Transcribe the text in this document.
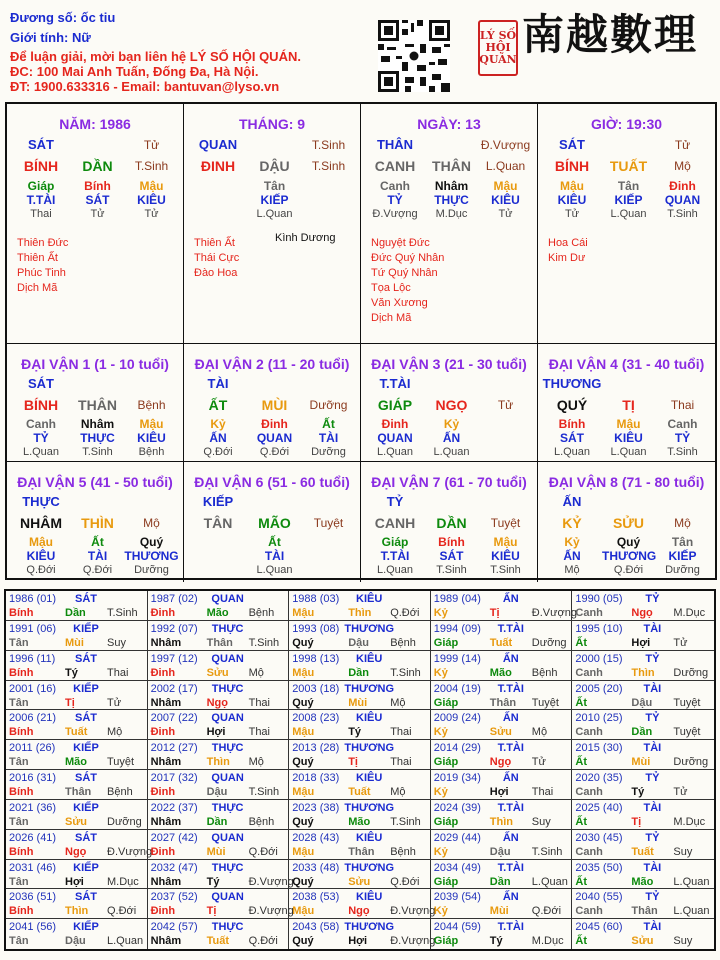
Đương số: ốc tiu
Giới tính: Nữ
Để luận giải, mời bạn liên hệ LÝ SỐ HỘI QUÁN.
ĐC: 100 Mai Anh Tuấn, Đống Đa, Hà Nội.
ĐT: 1900.633316 - Email: bantuvan@lyso.vn
LÝ SỐ HỘI QUÁN
南越數理
NĂM: 1986
SÁT	Tử
BÍNH	DẦN	T.Sinh
Giáp	Bính	Mậu
T.TÀI	SÁT	KIÊU
Thai	Tử	Tử
Thiên Đức
Thiên Ất
Phúc Tinh
Dịch Mã
THÁNG: 9
QUAN	T.Sinh
ĐINH	DẬU	T.Sinh
Tân
KIẾP
L.Quan
Thiên Ất
Thái Cực
Đào Hoa
Kình Dương
NGÀY: 13
THÂN	Đ.Vượng
CANH	THÂN	L.Quan
Canh	Nhâm	Mậu
TỶ	THỰC	KIÊU
Đ.Vượng	M.Dục	Tử
Nguyệt Đức
Đức Quý Nhân
Tứ Quý Nhân
Tọa Lộc
Văn Xương
Dịch Mã
GIỜ: 19:30
SÁT	Tử
BÍNH	TUẤT	Mộ
Mậu	Tân	Đinh
KIÊU	KIẾP	QUAN
Tử	L.Quan	T.Sinh
Hoa Cái
Kim Dư
ĐẠI VẬN 1 (1 - 10 tuổi)
SÁT
BÍNH	THÂN	Bệnh
Canh	Nhâm	Mậu
TỶ	THỰC	KIÊU
L.Quan	T.Sinh	Bệnh
ĐẠI VẬN 2 (11 - 20 tuổi)
TÀI
ẤT	MÙI	Dưỡng
Kỷ	Đinh	Ất
ẤN	QUAN	TÀI
Q.Đới	Q.Đới	Dưỡng
ĐẠI VẬN 3 (21 - 30 tuổi)
T.TÀI
GIÁP	NGỌ	Tử
Đinh	Kỷ
QUAN	ẤN
L.Quan	L.Quan
ĐẠI VẬN 4 (31 - 40 tuổi)
THƯƠNG
QUÝ	TỊ	Thai
Bính	Mậu	Canh
SÁT	KIÊU	TỶ
L.Quan	L.Quan	T.Sinh
ĐẠI VẬN 5 (41 - 50 tuổi)
THỰC
NHÂM	THÌN	Mộ
Mậu	Ất	Quý
KIÊU	TÀI	THƯƠNG
Q.Đới	Q.Đới	Dưỡng
ĐẠI VẬN 6 (51 - 60 tuổi)
KIẾP
TÂN	MÃO	Tuyệt
Ất
TÀI
L.Quan
ĐẠI VẬN 7 (61 - 70 tuổi)
TỶ
CANH	DẦN	Tuyệt
Giáp	Bính	Mậu
T.TÀI	SÁT	KIÊU
L.Quan	T.Sinh	T.Sinh
ĐẠI VẬN 8 (71 - 80 tuổi)
ẤN
KỶ	SỬU	Mộ
Kỷ	Quý	Tân
ẤN	THƯƠNG	KIẾP
Mộ	Q.Đới	Dưỡng
1986 (01)	SÁT
Bính	Dần T.Sinh
1987 (02)	QUAN
Đinh	Mão Bệnh
1988 (03)	KIÊU
Mậu	Thìn Q.Đới
1989 (04)	ẤN
Kỷ	Tị	Đ.Vượng
1990 (05)	TỶ
Canh	Ngọ M.Dục
1991 (06)	KIẾP
Tân	Mùi Suy
1992 (07)	THỰC
Nhâm Thân T.Sinh
1993 (08) THƯƠNG
Quý	Dậu Bệnh
1994 (09)	T.TÀI
Giáp	Tuất Dưỡng
1995 (10)	TÀI
Ất	Hợi Tử
1996 (11)	SÁT
Bính	Tý	Thai
1997 (12)	QUAN
Đinh	Sửu Mộ
1998 (13)	KIÊU
Mậu	Dần T.Sinh
1999 (14)	ẤN
Kỷ	Mão Bệnh
2000 (15)	TỶ
Canh	Thìn Dưỡng
2001 (16)	KIẾP
Tân	Tị	Tử
2002 (17)	THỰC
Nhâm Ngọ Thai
2003 (18) THƯƠNG
Quý	Mùi Mộ
2004 (19)	T.TÀI
Giáp	Thân Tuyệt
2005 (20)	TÀI
Ất	Dậu Tuyệt
2006 (21)	SÁT
Bính	Tuất Mộ
2007 (22)	QUAN
Đinh	Hợi Thai
2008 (23)	KIÊU
Mậu	Tý	Thai
2009 (24)	ẤN
Kỷ	Sửu Mộ
2010 (25)	TỶ
Canh	Dần Tuyệt
2011 (26)	KIẾP
Tân	Mão Tuyệt
2012 (27)	THỰC
Nhâm Thìn Mộ
2013 (28) THƯƠNG
Quý	Tị	Thai
2014 (29)	T.TÀI
Giáp	Ngọ Tử
2015 (30)	TÀI
Ất	Mùi Dưỡng
2016 (31)	SÁT
Bính	Thân Bệnh
2017 (32)	QUAN
Đinh	Dậu T.Sinh
2018 (33)	KIÊU
Mậu	Tuất Mộ
2019 (34)	ẤN
Kỷ	Hợi Thai
2020 (35)	TỶ
Canh	Tý	Tử
2021 (36)	KIẾP
Tân	Sửu Dưỡng
2022 (37)	THỰC
Nhâm Dần Bệnh
2023 (38) THƯƠNG
Quý	Mão T.Sinh
2024 (39)	T.TÀI
Giáp	Thìn Suy
2025 (40)	TÀI
Ất	Tị	M.Dục
2026 (41)	SÁT
Bính	Ngọ Đ.Vượng
2027 (42)	QUAN
Đinh	Mùi Q.Đới
2028 (43)	KIÊU
Mậu	Thân Bệnh
2029 (44)	ẤN
Kỷ	Dậu T.Sinh
2030 (45)	TỶ
Canh	Tuất Suy
2031 (46)	KIẾP
Tân	Hợi M.Dục
2032 (47)	THỰC
Nhâm Tý	Đ.Vượng
2033 (48) THƯƠNG
Quý	Sửu Q.Đới
2034 (49)	T.TÀI
Giáp	Dần L.Quan
2035 (50)	TÀI
Ất	Mão L.Quan
2036 (51)	SÁT
Bính	Thìn Q.Đới
2037 (52)	QUAN
Đinh	Tị	Đ.Vượng
2038 (53)	KIÊU
Mậu	Ngọ Đ.Vượng
2039 (54)	ẤN
Kỷ	Mùi Q.Đới
2040 (55)	TỶ
Canh	Thân L.Quan
2041 (56)	KIẾP
Tân	Dậu L.Quan
2042 (57)	THỰC
Nhâm Tuất Q.Đới
2043 (58) THƯƠNG
Quý	Hợi Đ.Vượng
2044 (59)	T.TÀI
Giáp	Tý	M.Dục
2045 (60)	TÀI
Ất	Sửu Suy
